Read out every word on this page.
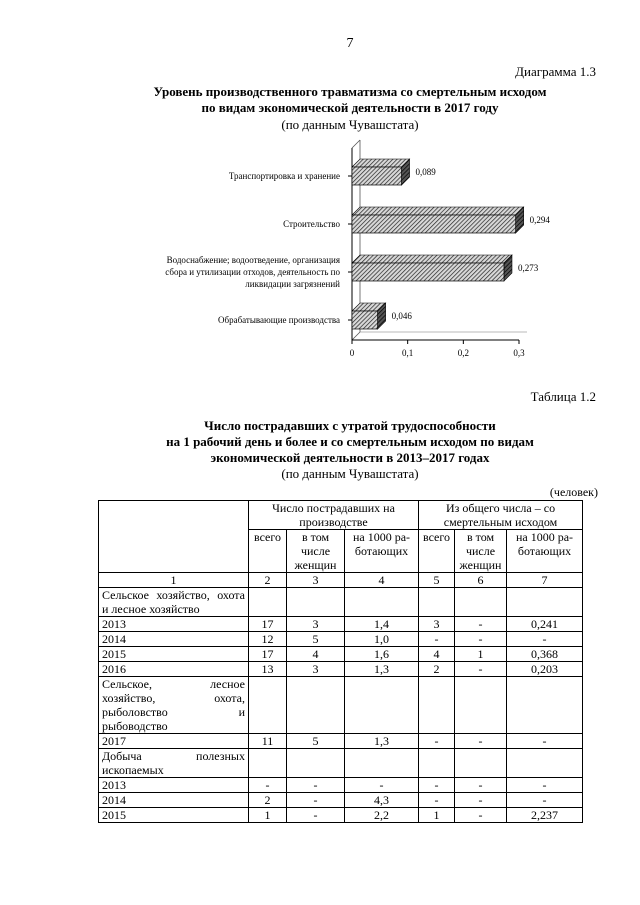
7
Диаграмма 1.3
Уровень производственного травматизма со смертельным исходом
по видам экономической деятельности в 2017 году
(по данным Чувашстата)
Транспортировка и хранение
Строительство
Водоснабжение; водоотведение, организация
сбора и утилизации отходов, деятельность по
ликвидации загрязнений
Обрабатывающие производства
0,089
0,294
0,273
0,046
0	0,1	0,2	0,3
Таблица 1.2
Число пострадавших с утратой трудоспособности
на 1 рабочий день и более и со смертельным исходом по видам
экономической деятельности в 2013–2017 годах
(по данным Чувашстата)
(человек)
	Число пострадавших на производстве			Из общего числа – со смертельным исходом		
	всего	в том числе женщин	на 1000 ра-ботающих	всего	в том числе женщин	на 1000 ра-ботающих
1	2	3	4	5	6	7
Сельское хозяйство, охота и лесное хозяйство						
2013	17	3	1,4	3	-	0,241
2014	12	5	1,0	-	-	-
2015	17	4	1,6	4	1	0,368
2016	13	3	1,3	2	-	0,203
Сельское, лесное хозяйство, охота, рыболовство и рыбоводство						
2017	11	5	1,3	-	-	-
Добыча полезных ископаемых						
2013	-	-	-	-	-	-
2014	2	-	4,3	-	-	-
2015	1	-	2,2	1	-	2,237
